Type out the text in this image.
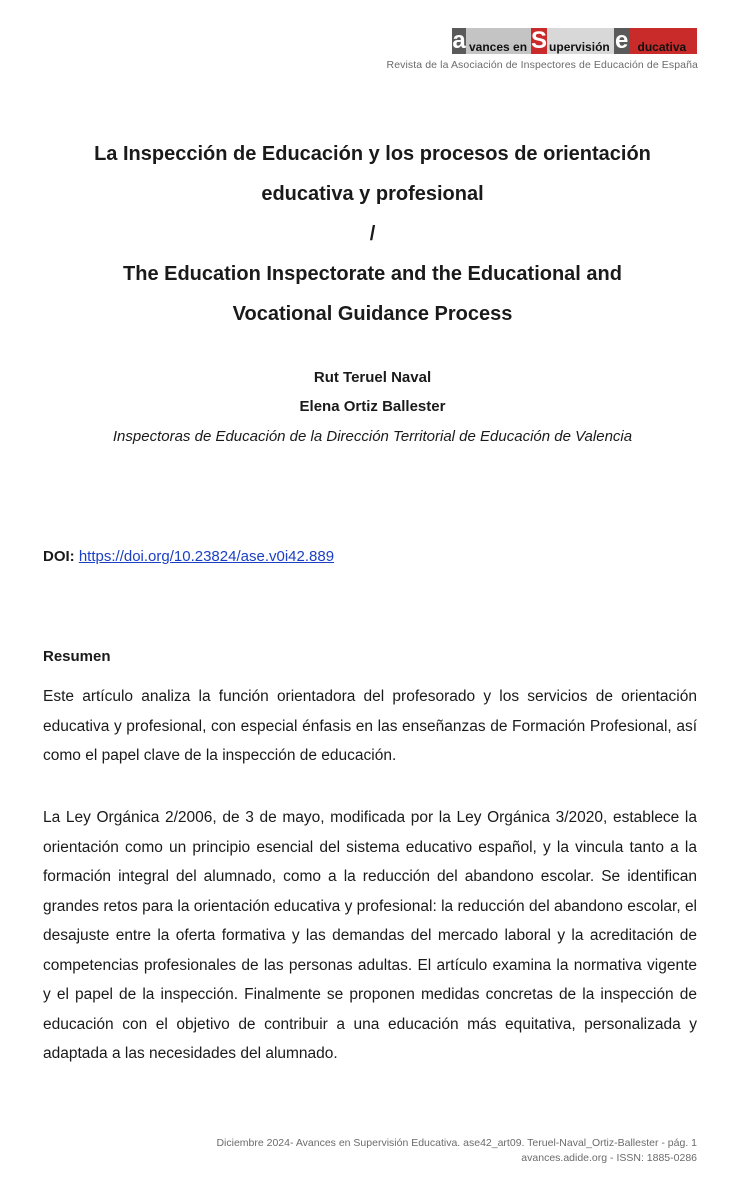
a vances en S upervisión e ducativa
Revista de la Asociación de Inspectores de Educación de España
La Inspección de Educación y los procesos de orientación
educativa y profesional
/
The Education Inspectorate and the Educational and
Vocational Guidance Process
Rut Teruel Naval
Elena Ortiz Ballester
Inspectoras de Educación de la Dirección Territorial de Educación de Valencia
DOI: https://doi.org/10.23824/ase.v0i42.889
Resumen
Este artículo analiza la función orientadora del profesorado y los servicios de orientación educativa y profesional, con especial énfasis en las enseñanzas de Formación Profesional, así como el papel clave de la inspección de educación.
La Ley Orgánica 2/2006, de 3 de mayo, modificada por la Ley Orgánica 3/2020, establece la orientación como un principio esencial del sistema educativo español, y la vincula tanto a la formación integral del alumnado, como a la reducción del abandono escolar. Se identifican grandes retos para la orientación educativa y profesional: la reducción del abandono escolar, el desajuste entre la oferta formativa y las demandas del mercado laboral y la acreditación de competencias profesionales de las personas adultas. El artículo examina la normativa vigente y el papel de la inspección. Finalmente se proponen medidas concretas de la inspección de educación con el objetivo de contribuir a una educación más equitativa, personalizada y adaptada a las necesidades del alumnado.
Diciembre 2024- Avances en Supervisión Educativa. ase42_art09. Teruel-Naval_Ortiz-Ballester - pág. 1
avances.adide.org - ISSN: 1885-0286
